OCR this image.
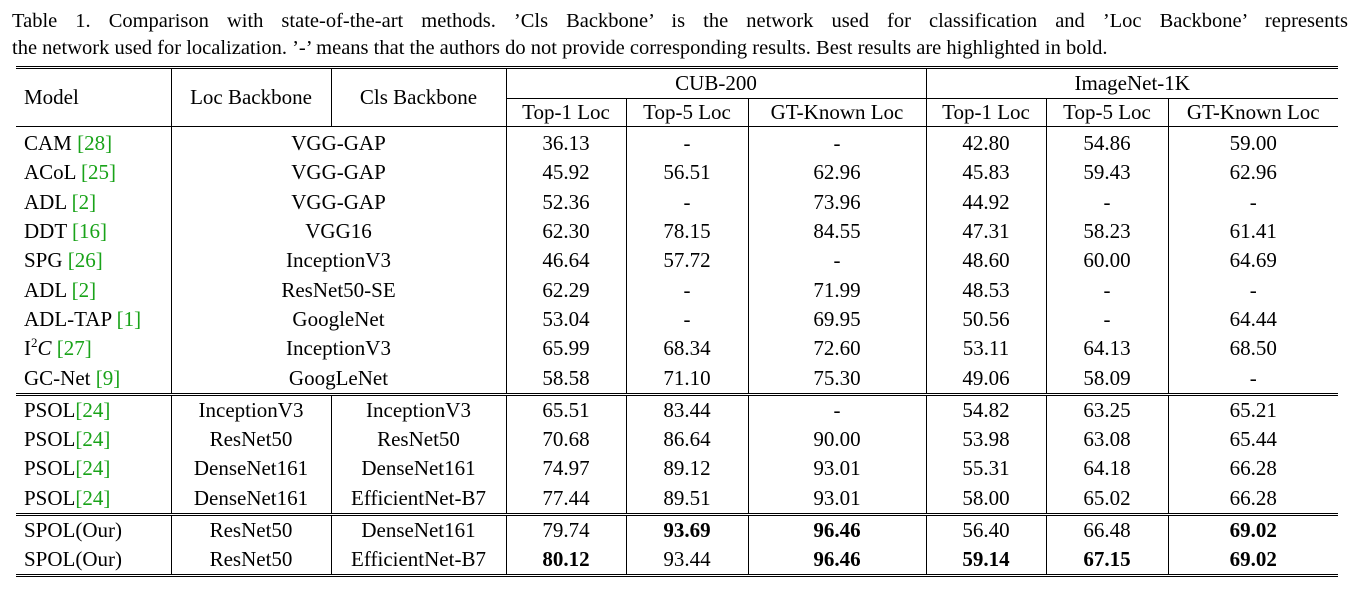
Table 1. Comparison with state-of-the-art methods. ’Cls Backbone’ is the network used for classification and ’Loc Backbone’ represents
the network used for localization. ’-’ means that the authors do not provide corresponding results. Best results are highlighted in bold.
Model	Loc Backbone	Cls Backbone	CUB-200			ImageNet-1K		
			Top-1 Loc	Top-5 Loc	GT-Known Loc	Top-1 Loc	Top-5 Loc	GT-Known Loc
CAM [28]	VGG-GAP		36.13	-	-	42.80	54.86	59.00
ACoL [25]	VGG-GAP		45.92	56.51	62.96	45.83	59.43	62.96
ADL [2]	VGG-GAP		52.36	-	73.96	44.92	-	-
DDT [16]	VGG16		62.30	78.15	84.55	47.31	58.23	61.41
SPG [26]	InceptionV3		46.64	57.72	-	48.60	60.00	64.69
ADL [2]	ResNet50-SE		62.29	-	71.99	48.53	-	-
ADL-TAP [1]	GoogleNet		53.04	-	69.95	50.56	-	64.44
$I^2C$ [27]	InceptionV3		65.99	68.34	72.60	53.11	64.13	68.50
GC-Net [9]	GoogLeNet		58.58	71.10	75.30	49.06	58.09	-
PSOL[24]	InceptionV3	InceptionV3	65.51	83.44	-	54.82	63.25	65.21
PSOL[24]	ResNet50	ResNet50	70.68	86.64	90.00	53.98	63.08	65.44
PSOL[24]	DenseNet161	DenseNet161	74.97	89.12	93.01	55.31	64.18	66.28
PSOL[24]	DenseNet161	EfficientNet-B7	77.44	89.51	93.01	58.00	65.02	66.28
SPOL(Our)	ResNet50	DenseNet161	79.74	93.69	96.46	56.40	66.48	69.02
SPOL(Our)	ResNet50	EfficientNet-B7	80.12	93.44	96.46	59.14	67.15	69.02
